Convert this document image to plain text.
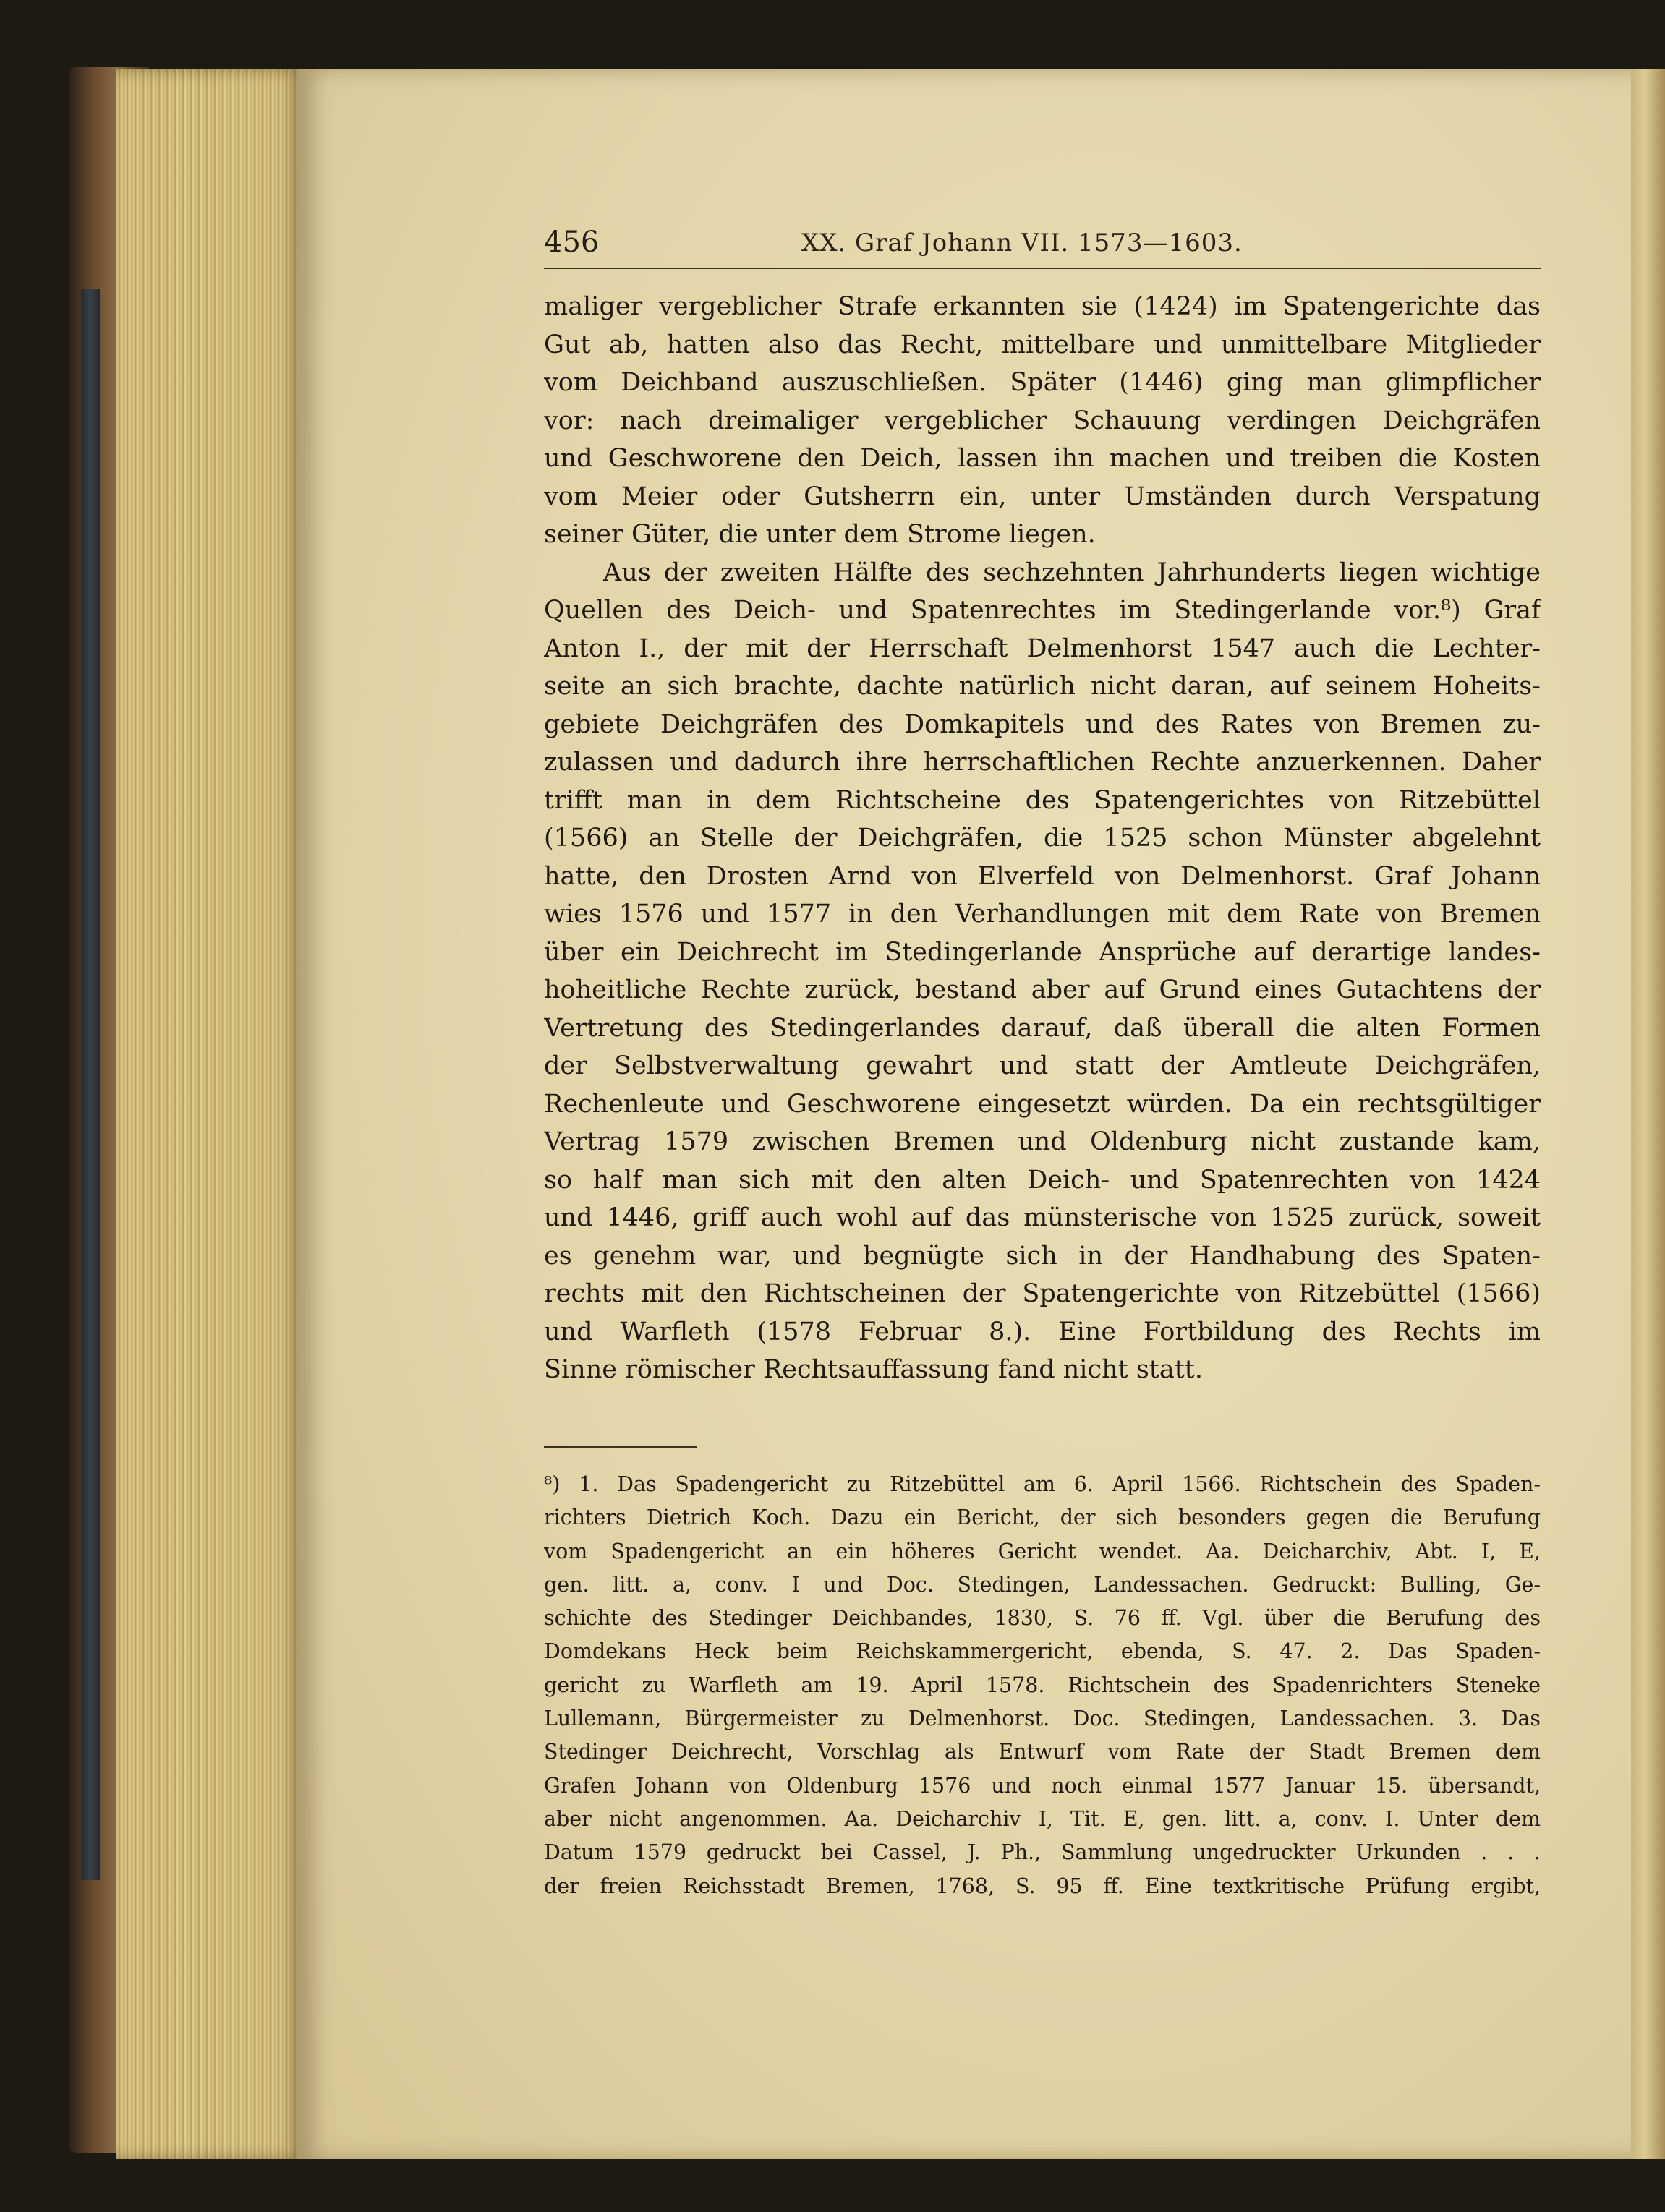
456	XX. Graf Johann VII. 1573—1603.
maliger vergeblicher Strafe erkannten sie (1424) im Spatengerichte das
Gut ab, hatten also das Recht, mittelbare und unmittelbare Mitglieder
vom Deichband auszuschließen. Später (1446) ging man glimpflicher
vor: nach dreimaliger vergeblicher Schauung verdingen Deichgräfen
und Geschworene den Deich, lassen ihn machen und treiben die Kosten
vom Meier oder Gutsherrn ein, unter Umständen durch Verspatung
seiner Güter, die unter dem Strome liegen.
Aus der zweiten Hälfte des sechzehnten Jahrhunderts liegen wichtige
Quellen des Deich- und Spatenrechtes im Stedingerlande vor.⁸) Graf
Anton I., der mit der Herrschaft Delmenhorst 1547 auch die Lechter-
seite an sich brachte, dachte natürlich nicht daran, auf seinem Hoheits-
gebiete Deichgräfen des Domkapitels und des Rates von Bremen zu-
zulassen und dadurch ihre herrschaftlichen Rechte anzuerkennen. Daher
trifft man in dem Richtscheine des Spatengerichtes von Ritzebüttel
(1566) an Stelle der Deichgräfen, die 1525 schon Münster abgelehnt
hatte, den Drosten Arnd von Elverfeld von Delmenhorst. Graf Johann
wies 1576 und 1577 in den Verhandlungen mit dem Rate von Bremen
über ein Deichrecht im Stedingerlande Ansprüche auf derartige landes-
hoheitliche Rechte zurück, bestand aber auf Grund eines Gutachtens der
Vertretung des Stedingerlandes darauf, daß überall die alten Formen
der Selbstverwaltung gewahrt und statt der Amtleute Deichgräfen,
Rechenleute und Geschworene eingesetzt würden. Da ein rechtsgültiger
Vertrag 1579 zwischen Bremen und Oldenburg nicht zustande kam,
so half man sich mit den alten Deich- und Spatenrechten von 1424
und 1446, griff auch wohl auf das münsterische von 1525 zurück, soweit
es genehm war, und begnügte sich in der Handhabung des Spaten-
rechts mit den Richtscheinen der Spatengerichte von Ritzebüttel (1566)
und Warfleth (1578 Februar 8.). Eine Fortbildung des Rechts im
Sinne römischer Rechtsauffassung fand nicht statt.
⁸) 1. Das Spadengericht zu Ritzebüttel am 6. April 1566. Richtschein des Spaden-
richters Dietrich Koch. Dazu ein Bericht, der sich besonders gegen die Berufung
vom Spadengericht an ein höheres Gericht wendet. Aa. Deicharchiv, Abt. I, E,
gen. litt. a, conv. I und Doc. Stedingen, Landessachen. Gedruckt: Bulling, Ge-
schichte des Stedinger Deichbandes, 1830, S. 76 ff. Vgl. über die Berufung des
Domdekans Heck beim Reichskammergericht, ebenda, S. 47. 2. Das Spaden-
gericht zu Warfleth am 19. April 1578. Richtschein des Spadenrichters Steneke
Lullemann, Bürgermeister zu Delmenhorst. Doc. Stedingen, Landessachen. 3. Das
Stedinger Deichrecht, Vorschlag als Entwurf vom Rate der Stadt Bremen dem
Grafen Johann von Oldenburg 1576 und noch einmal 1577 Januar 15. übersandt,
aber nicht angenommen. Aa. Deicharchiv I, Tit. E, gen. litt. a, conv. I. Unter dem
Datum 1579 gedruckt bei Cassel, J. Ph., Sammlung ungedruckter Urkunden . . .
der freien Reichsstadt Bremen, 1768, S. 95 ff. Eine textkritische Prüfung ergibt,
